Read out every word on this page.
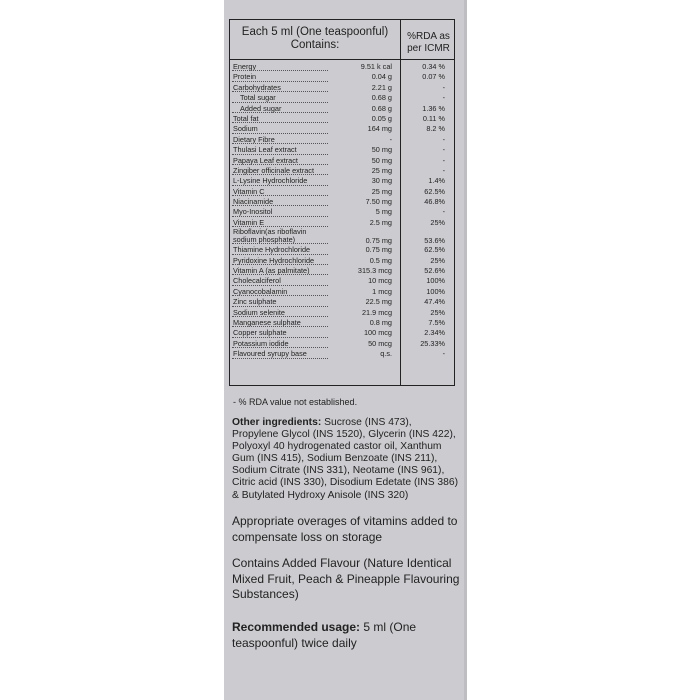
Each 5 ml (One teaspoonful)
Contains:
%RDA as
per ICMR
Energy	9.51 k cal	0.34 %
Protein	0.04 g	0.07 %
Carbohydrates	2.21 g	-
Total sugar	0.68 g	-
Added sugar	0.68 g	1.36 %
Total fat	0.05 g	0.11 %
Sodium	164 mg	8.2 %
Dietary Fibre	-	-
Thulasi Leaf extract	50 mg	-
Papaya Leaf extract	50 mg	-
Zingiber officinale extract	25 mg	-
L-Lysine Hydrochloride	30 mg	1.4%
Vitamin C	25 mg	62.5%
Niacinamide	7.50 mg	46.8%
Myo-Inositol	5 mg	-
Vitamin E	2.5 mg	25%
Riboflavin(as riboflavin
sodium phosphate)	0.75 mg	53.6%
Thiamine Hydrochloride	0.75 mg	62.5%
Pyridoxine Hydrochloride	0.5 mg	25%
Vitamin A (as palmitate)	315.3 mcg	52.6%
Cholecalciferol	10 mcg	100%
Cyanocobalamin	1 mcg	100%
Zinc sulphate	22.5 mg	47.4%
Sodium selenite	21.9 mcg	25%
Manganese sulphate	0.8 mg	7.5%
Copper sulphate	100 mcg	2.34%
Potassium iodide	50 mcg	25.33%
Flavoured syrupy base	q.s.	-
- % RDA value not established.
Other ingredients: Sucrose (INS 473), Propylene Glycol (INS 1520), Glycerin (INS 422), Polyoxyl 40 hydrogenated castor oil, Xanthum Gum (INS 415), Sodium Benzoate (INS 211), Sodium Citrate (INS 331), Neotame (INS 961), Citric acid (INS 330), Disodium Edetate (INS 386) & Butylated Hydroxy Anisole (INS 320)
Appropriate overages of vitamins added to compensate loss on storage
Contains Added Flavour (Nature Identical Mixed Fruit, Peach & Pineapple Flavouring Substances)
Recommended usage: 5 ml (One teaspoonful) twice daily
